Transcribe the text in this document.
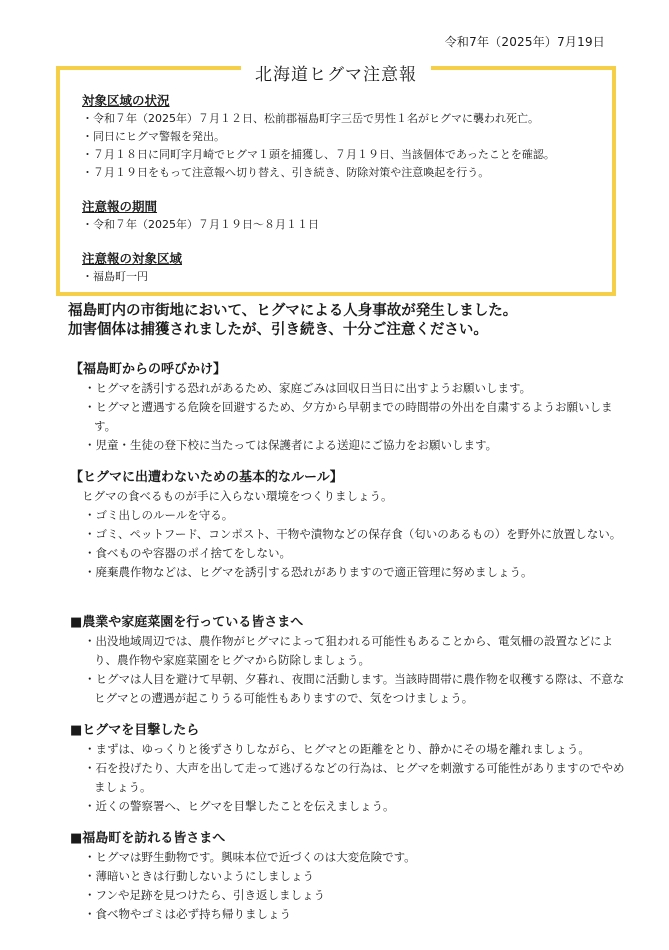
令和7年（2025年）7月19日
北海道ヒグマ注意報

対象区域の状況

・令和７年（2025年）７月１２日、松前郡福島町字三岳で男性１名がヒグマに襲われ死亡。
・同日にヒグマ警報を発出。
・７月１８日に同町字月崎でヒグマ１頭を捕獲し、７月１９日、当該個体であったことを確認。
・７月１９日をもって注意報へ切り替え、引き続き、防除対策や注意喚起を行う。

注意報の期間

・令和７年（2025年）７月１９日～８月１１日

注意報の対象区域

・福島町一円
福島町内の市街地において、ヒグマによる人身事故が発生しました。
加害個体は捕獲されましたが、引き続き、十分ご注意ください。
【福島町からの呼びかけ】
・ヒグマを誘引する恐れがあるため、家庭ごみは回収日当日に出すようお願いします。
・ヒグマと遭遇する危険を回避するため、夕方から早朝までの時間帯の外出を自粛するようお願いします。
・児童・生徒の登下校に当たっては保護者による送迎にご協力をお願いします。
【ヒグマに出遭わないための基本的なルール】
ヒグマの食べるものが手に入らない環境をつくりましょう。
・ゴミ出しのルールを守る。
・ゴミ、ペットフード、コンポスト、干物や漬物などの保存食（匂いのあるもの）を野外に放置しない。
・食べものや容器のポイ捨てをしない。
・廃棄農作物などは、ヒグマを誘引する恐れがありますので適正管理に努めましょう。
■農業や家庭菜園を行っている皆さまへ
・出没地域周辺では、農作物がヒグマによって狙われる可能性もあることから、電気柵の設置などにより、農作物や家庭菜園をヒグマから防除しましょう。
・ヒグマは人目を避けて早朝、夕暮れ、夜間に活動します。当該時間帯に農作物を収穫する際は、不意なヒグマとの遭遇が起こりうる可能性もありますので、気をつけましょう。
■ヒグマを目撃したら
・まずは、ゆっくりと後ずさりしながら、ヒグマとの距離をとり、静かにその場を離れましょう。
・石を投げたり、大声を出して走って逃げるなどの行為は、ヒグマを刺激する可能性がありますのでやめましょう。
・近くの警察署へ、ヒグマを目撃したことを伝えましょう。
■福島町を訪れる皆さまへ
・ヒグマは野生動物です。興味本位で近づくのは大変危険です。
・薄暗いときは行動しないようにしましょう
・フンや足跡を見つけたら、引き返しましょう
・食べ物やゴミは必ず持ち帰りましょう
